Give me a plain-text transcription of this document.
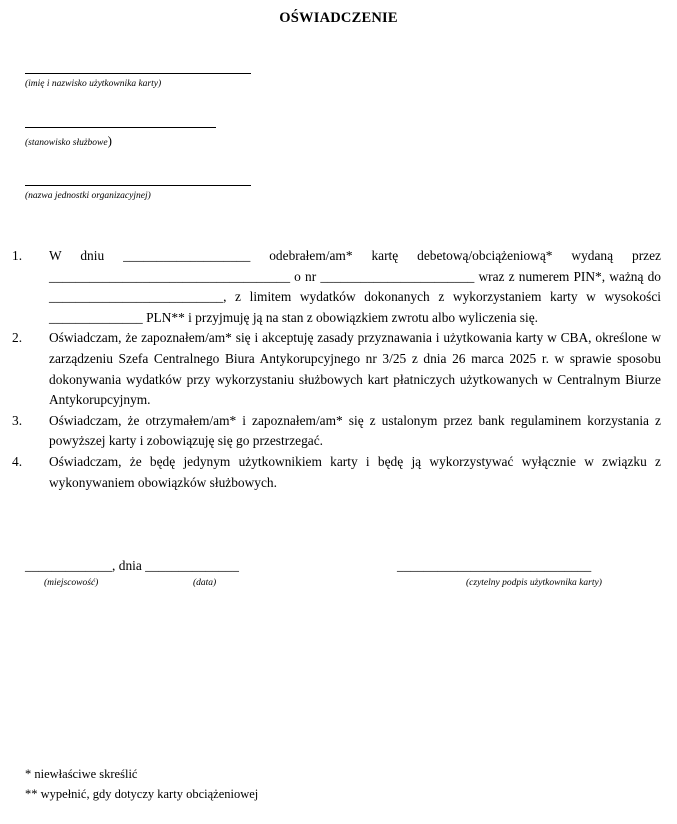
OŚWIADCZENIE
(imię i nazwisko użytkownika karty)
(stanowisko służbowe)
(nazwa jednostki organizacyjnej)
1. W dniu ___________________ odebrałem/am* kartę debetową/obciążeniową* wydaną przez ____________________________________ o nr _______________________ wraz z numerem PIN*, ważną do __________________________, z limitem wydatków dokonanych z wykorzystaniem karty w wysokości ______________ PLN** i przyjmuję ją na stan z obowiązkiem zwrotu albo wyliczenia się.
2. Oświadczam, że zapoznałem/am* się i akceptuję zasady przyznawania i użytkowania karty w CBA, określone w zarządzeniu Szefa Centralnego Biura Antykorupcyjnego nr 3/25 z dnia 26 marca 2025 r. w sprawie sposobu dokonywania wydatków przy wykorzystaniu służbowych kart płatniczych użytkowanych w Centralnym Biurze Antykorupcyjnym.
3. Oświadczam, że otrzymałem/am* i zapoznałem/am* się z ustalonym przez bank regulaminem korzystania z powyższej karty i zobowiązuję się go przestrzegać.
4. Oświadczam, że będę jedynym użytkownikiem karty i będę ją wykorzystywać wyłącznie w związku z wykonywaniem obowiązków służbowych.
_____________, dnia ______________	_____________________________
(miejscowość)	(data)	(czytelny podpis użytkownika karty)
* niewłaściwe skreślić
** wypełnić, gdy dotyczy karty obciążeniowej
